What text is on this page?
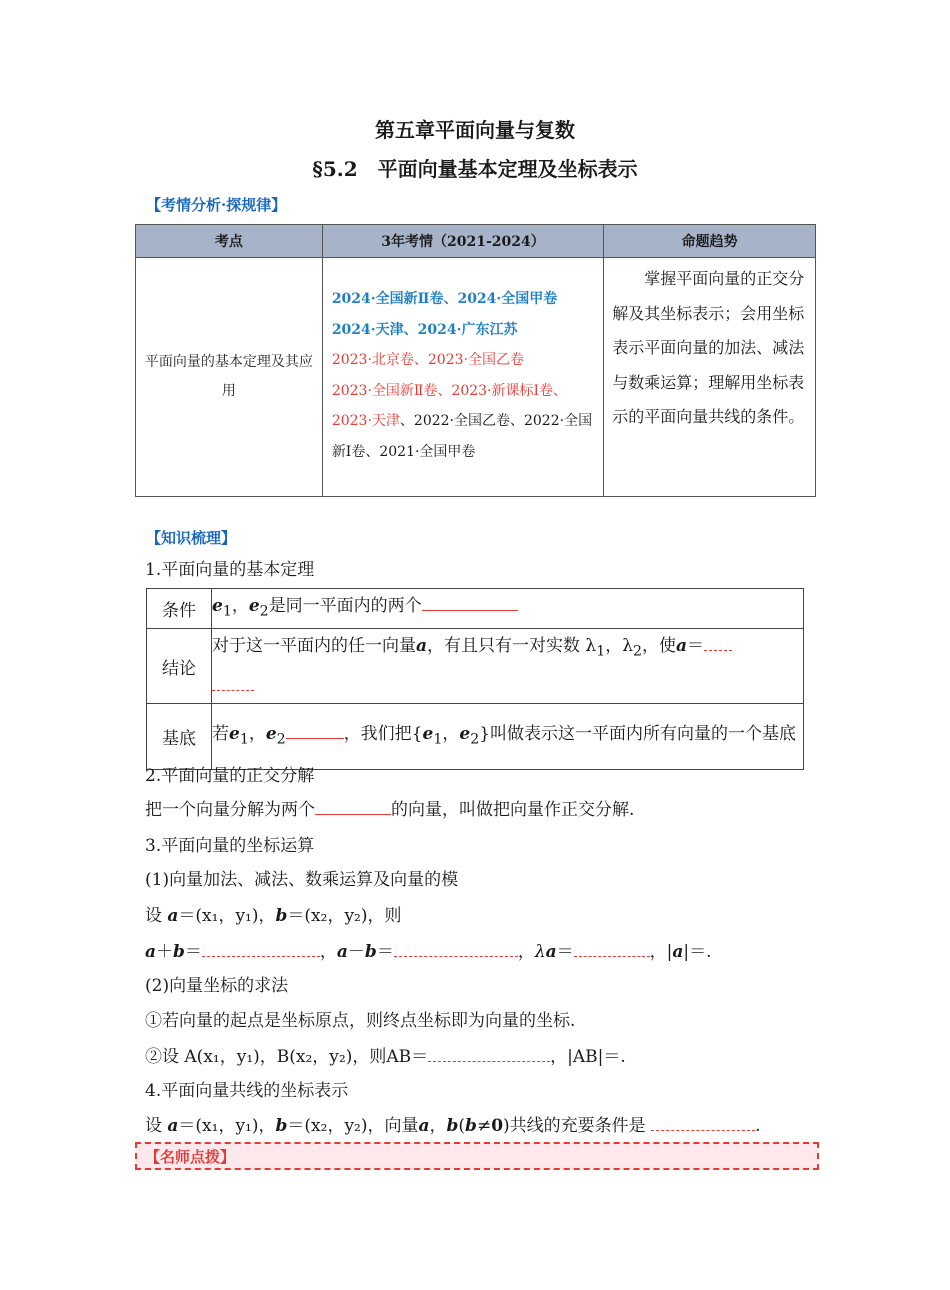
第五章平面向量与复数
§5.2　平面向量基本定理及坐标表示
【考情分析·探规律】
考点	3年考情（2021-2024）	命题趋势

平面向量的基本定理及其应用	2024·全国新Ⅱ卷、2024·全国甲卷
2024·天津、2024·广东江苏
2023·北京卷、2023·全国乙卷
2023·全国新Ⅱ卷、2023·新课标Ⅰ卷、2023·天津、2022·全国乙卷、2022·全国新Ⅰ卷、2021·全国甲卷	掌握平面向量的正交分解及其坐标表示；会用坐标表示平面向量的加法、减法与数乘运算；理解用坐标表示的平面向量共线的条件。
【知识梳理】
1.平面向量的基本定理
条件	$e_1$，$e_2$是同一平面内的两个
结论	对于这一平面内的任一向量a，有且只有一对实数 $\lambda_1$，$\lambda_2$，使a＝

基底	若$e_1$，$e_2$ ，我们把{$e_1$，$e_2$}叫做表示这一平面内所有向量的一个基底
2.平面向量的正交分解
把一个向量分解为两个	的向量，叫做把向量作正交分解.
3.平面向量的坐标运算
(1)向量加法、减法、数乘运算及向量的模
设 a＝(x₁，y₁)，b＝(x₂，y₂)，则
a＋b＝	，a－b＝	，λa＝	，|a|＝.
(2)向量坐标的求法
①若向量的起点是坐标原点，则终点坐标即为向量的坐标.
②设 A(x₁，y₁)，B(x₂，y₂)，则AB＝	，|AB|＝.
4.平面向量共线的坐标表示
设 a＝(x₁，y₁)，b＝(x₂，y₂)，向量a，b(b≠0)共线的充要条件是	.
【名师点拨】
